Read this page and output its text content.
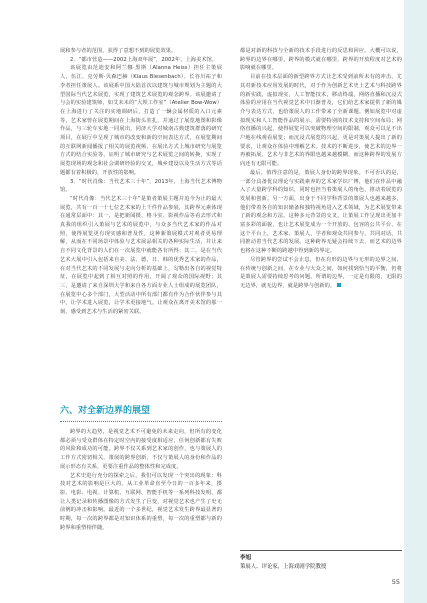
展和参与者的范围，获得了意想不到的展览效果。

2．“都市营造——2002上海双年展”，2002年，上海美术馆。

该展览由范迪安和阿兰娜·黑斯（Alanna Heiss）担任主策展人，伍江、克劳斯·贝森巴赫（Klaus Biesenbach）、长谷川祐子和李者担任策展人。该展系中国大陆首次以建筑与城市规划为主题的大型国际当代艺术展览，实现了建筑艺术展览的观念跨界。该展邀请了与会的实验建筑师，如艾未未的“大坝工作室”（Atelier Bow-Wow）在上海进行了关注的实地调研后，打造了一辆会属材质的入口元素等，艺术家曾在展览期间在上海街头驻扎，并通过了展览地图和影像作品，与三轮车实地一同展出，同济大学对城南古典建筑群落的研究项目，在展厅中呈现了城市的改变和新的空间表达方式，在展览期间的互联网新闻播报了相关的展览视频，在展出方式上城市研究与展览方式的结合实验等，证明了城市研究与艺术展览之间的转换，实现了展览现场的观念和社会调研经验的交叉，城乡建设以及生活方式等话题都有着积极的，开放性的影响。

3．“时代肖像：当代艺术三十年”，2013年，上海当代艺术博物馆。

“时代肖像：当代艺术三十年”是策者策展主题并追今为止的最大展览，共有一百一十七位艺术家的上千件作品参展，其跨界元素体现在通常层面中：其一，是把新闻摄、格斗实、影视作品等看去形式和真我的组织引入策展与艺术的展览中，与众多当代艺术家的作品对照，使得展览更有现实感和普及性，这种新策展模式对观者更易理解，从而在不同场景中体验与艺术展品相关的各种实际生活，并让来自不同文化背景的人们在一次展览中就能各有所得；其二，是在当代艺术大展中引入包括来自美、法、德、日、韩的优秀艺术家的作品，在对当代艺术的不同发展与走向分析的基础上，勾勒出各自的视觉特征，在展览中起到了相互对照的作用，开阔了观众的国际视野；其三，是邀请了来自深圳大学和来自各方面专业人士组成的展览团队，在展览中心多个部门，大型活动中所有部门都有作为合作伙伴参与其中，让学术进入展览，让学术更接地气。让观众在离开美术馆的那一刻，感受到艺术与生活的紧密关联。

六、对全新边界的展望

跨界的大趋势，是视觉艺术不可避免的未来走向，但所有的变化都必须与受众群体在特定时空内的接受度相适应，任何创新都有失败的风险和成功的可能。跨界不仅关系到艺术家的创作，也与策展人的工作方式密切相关。策展的跨界创新，不仅与策展人的身份和作品的展示形态有关系，更要注重作品的整体性和完成度。

艺术史进行充分的探索之后，我们可以发现一个突出的现象：科技对艺术的影响是巨大的。从工业革命直至今日的一百多年来，摄影、电影、电视、计算机、互联网、智能手机等一系列科技发明，都让人类记录和传播图像的方式发生了巨变，对视觉艺术也产生了史无前例的冲击和影响。最近的一个多世纪，视觉艺术发生跨界最显著的时期，每一次的跨界都是对知识体系的重塑，每一次的重塑都与新的跨界和重塑相伴随，

都是对新的科技与全新的技术手段进行的反思和回应。大概可以说，跨界的边界在哪里，跨界的模式就在哪里，跨界的开放程度对艺术的影响就在哪里。

目前在技术层面的新型跨界方式让艺术受到前所未有的冲击，尤其对新技术应用发展的时代，对于作为创新艺术史上艺术与科技跨界的新实践，虚拟现实，人工智能技术，移动终端，网络直播和沉浸式体验的应用在当代视觉艺术中日渐普及，它们给艺术家提供了新的媒介与表达方式，也给策展人的工作带来了全新课题。例如展览中对虚拟现实和人工智能作品的展示，需要特别的技术支持和空间布局；网络直播的兴起，使得展览可以突破物理空间的限制，观众可以足不出户地在线观看展览；而沉浸式展览的兴起，更是对策展人提出了新的要求，让观众在体验中理解艺术。技术的不断进步，使艺术的边界一再被拓展，艺术与非艺术的界限也越来越模糊，而这种跨界的发展方向还有无限可能。

最后，值得注意的是，策展人身份的跨界现象。不可否认的是，一部分具备优良理论与实践素养的艺术家学识广博，他们在作品中融入了大量跨学科的知识，同时也担当着策展人的角色，推动着展览的发展和创新。另一方面，出身于不同学科背景的策展人也越来越多，他们带着各自的知识储备和独特视角进入艺术领域，为艺术展览带来了新的观念和方法。这种多元背景的交叉，让策展工作呈现出更加丰富多彩的面貌，也让艺术展览成为一个开放的、包容的公共平台，在这个平台上，艺术家、策展人、学者和观众共同参与，共同对话，共同推动着当代艺术的发展。这种跨界无疑会持续下去，而艺术的边界也将在这种不断的跨越中得到新的界定。

尽管跨界的尝试不会止息，但在有形的边界与无形的边界之间，在传统与创新之间，在专业与大众之间，如何找到恰当的平衡，仍将是策展人需要持续思考的问题。所谓的边界，一定是有限的，无限的无边界，就无边界，就是跨界与创新的。

李旭
策展人、评论家，上海戏剧学院教授
55
